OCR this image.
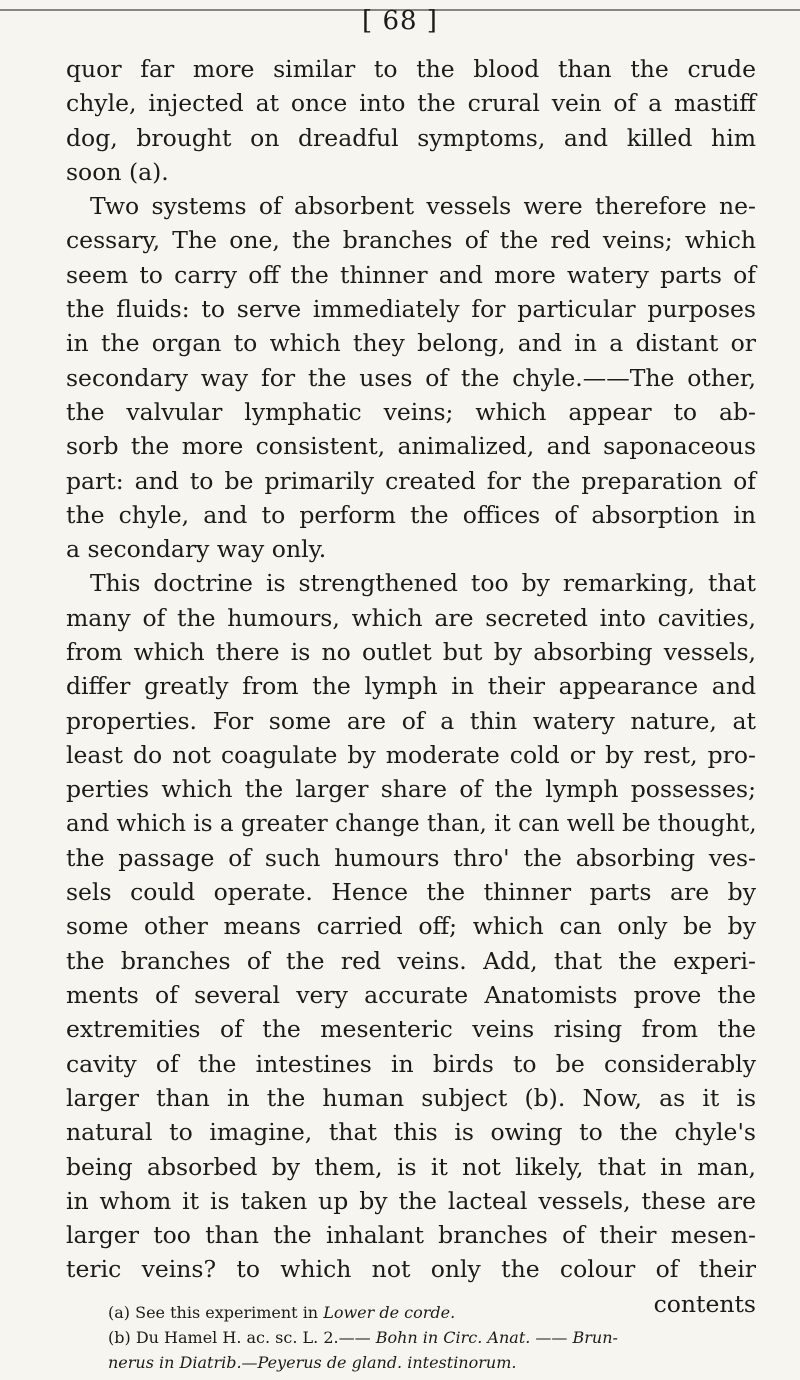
[ 68 ]
quor far more similar to the blood than the crude
chyle, injected at once into the crural vein of a mastiff
dog, brought on dreadful symptoms, and killed him
soon (a).
Two systems of absorbent vessels were therefore ne-
cessary, The one, the branches of the red veins; which
seem to carry off the thinner and more watery parts of
the fluids: to serve immediately for particular purposes
in the organ to which they belong, and in a distant or
secondary way for the uses of the chyle.——The other,
the valvular lymphatic veins; which appear to ab-
sorb the more consistent, animalized, and saponaceous
part: and to be primarily created for the preparation of
the chyle, and to perform the offices of absorption in
a secondary way only.
This doctrine is strengthened too by remarking, that
many of the humours, which are secreted into cavities,
from which there is no outlet but by absorbing vessels,
differ greatly from the lymph in their appearance and
properties. For some are of a thin watery nature, at
least do not coagulate by moderate cold or by rest, pro-
perties which the larger share of the lymph possesses;
and which is a greater change than, it can well be thought,
the passage of such humours thro' the absorbing ves-
sels could operate. Hence the thinner parts are by
some other means carried off; which can only be by
the branches of the red veins. Add, that the experi-
ments of several very accurate Anatomists prove the
extremities of the mesenteric veins rising from the
cavity of the intestines in birds to be considerably
larger than in the human subject (b). Now, as it is
natural to imagine, that this is owing to the chyle's
being absorbed by them, is it not likely, that in man,
in whom it is taken up by the lacteal vessels, these are
larger too than the inhalant branches of their mesen-
teric veins? to which not only the colour of their
contents
(a) See this experiment in Lower de corde.
(b) Du Hamel H. ac. sc. L. 2.—— Bohn in Circ. Anat. —— Brun-
nerus in Diatrib.—Peyerus de gland. intestinorum.
